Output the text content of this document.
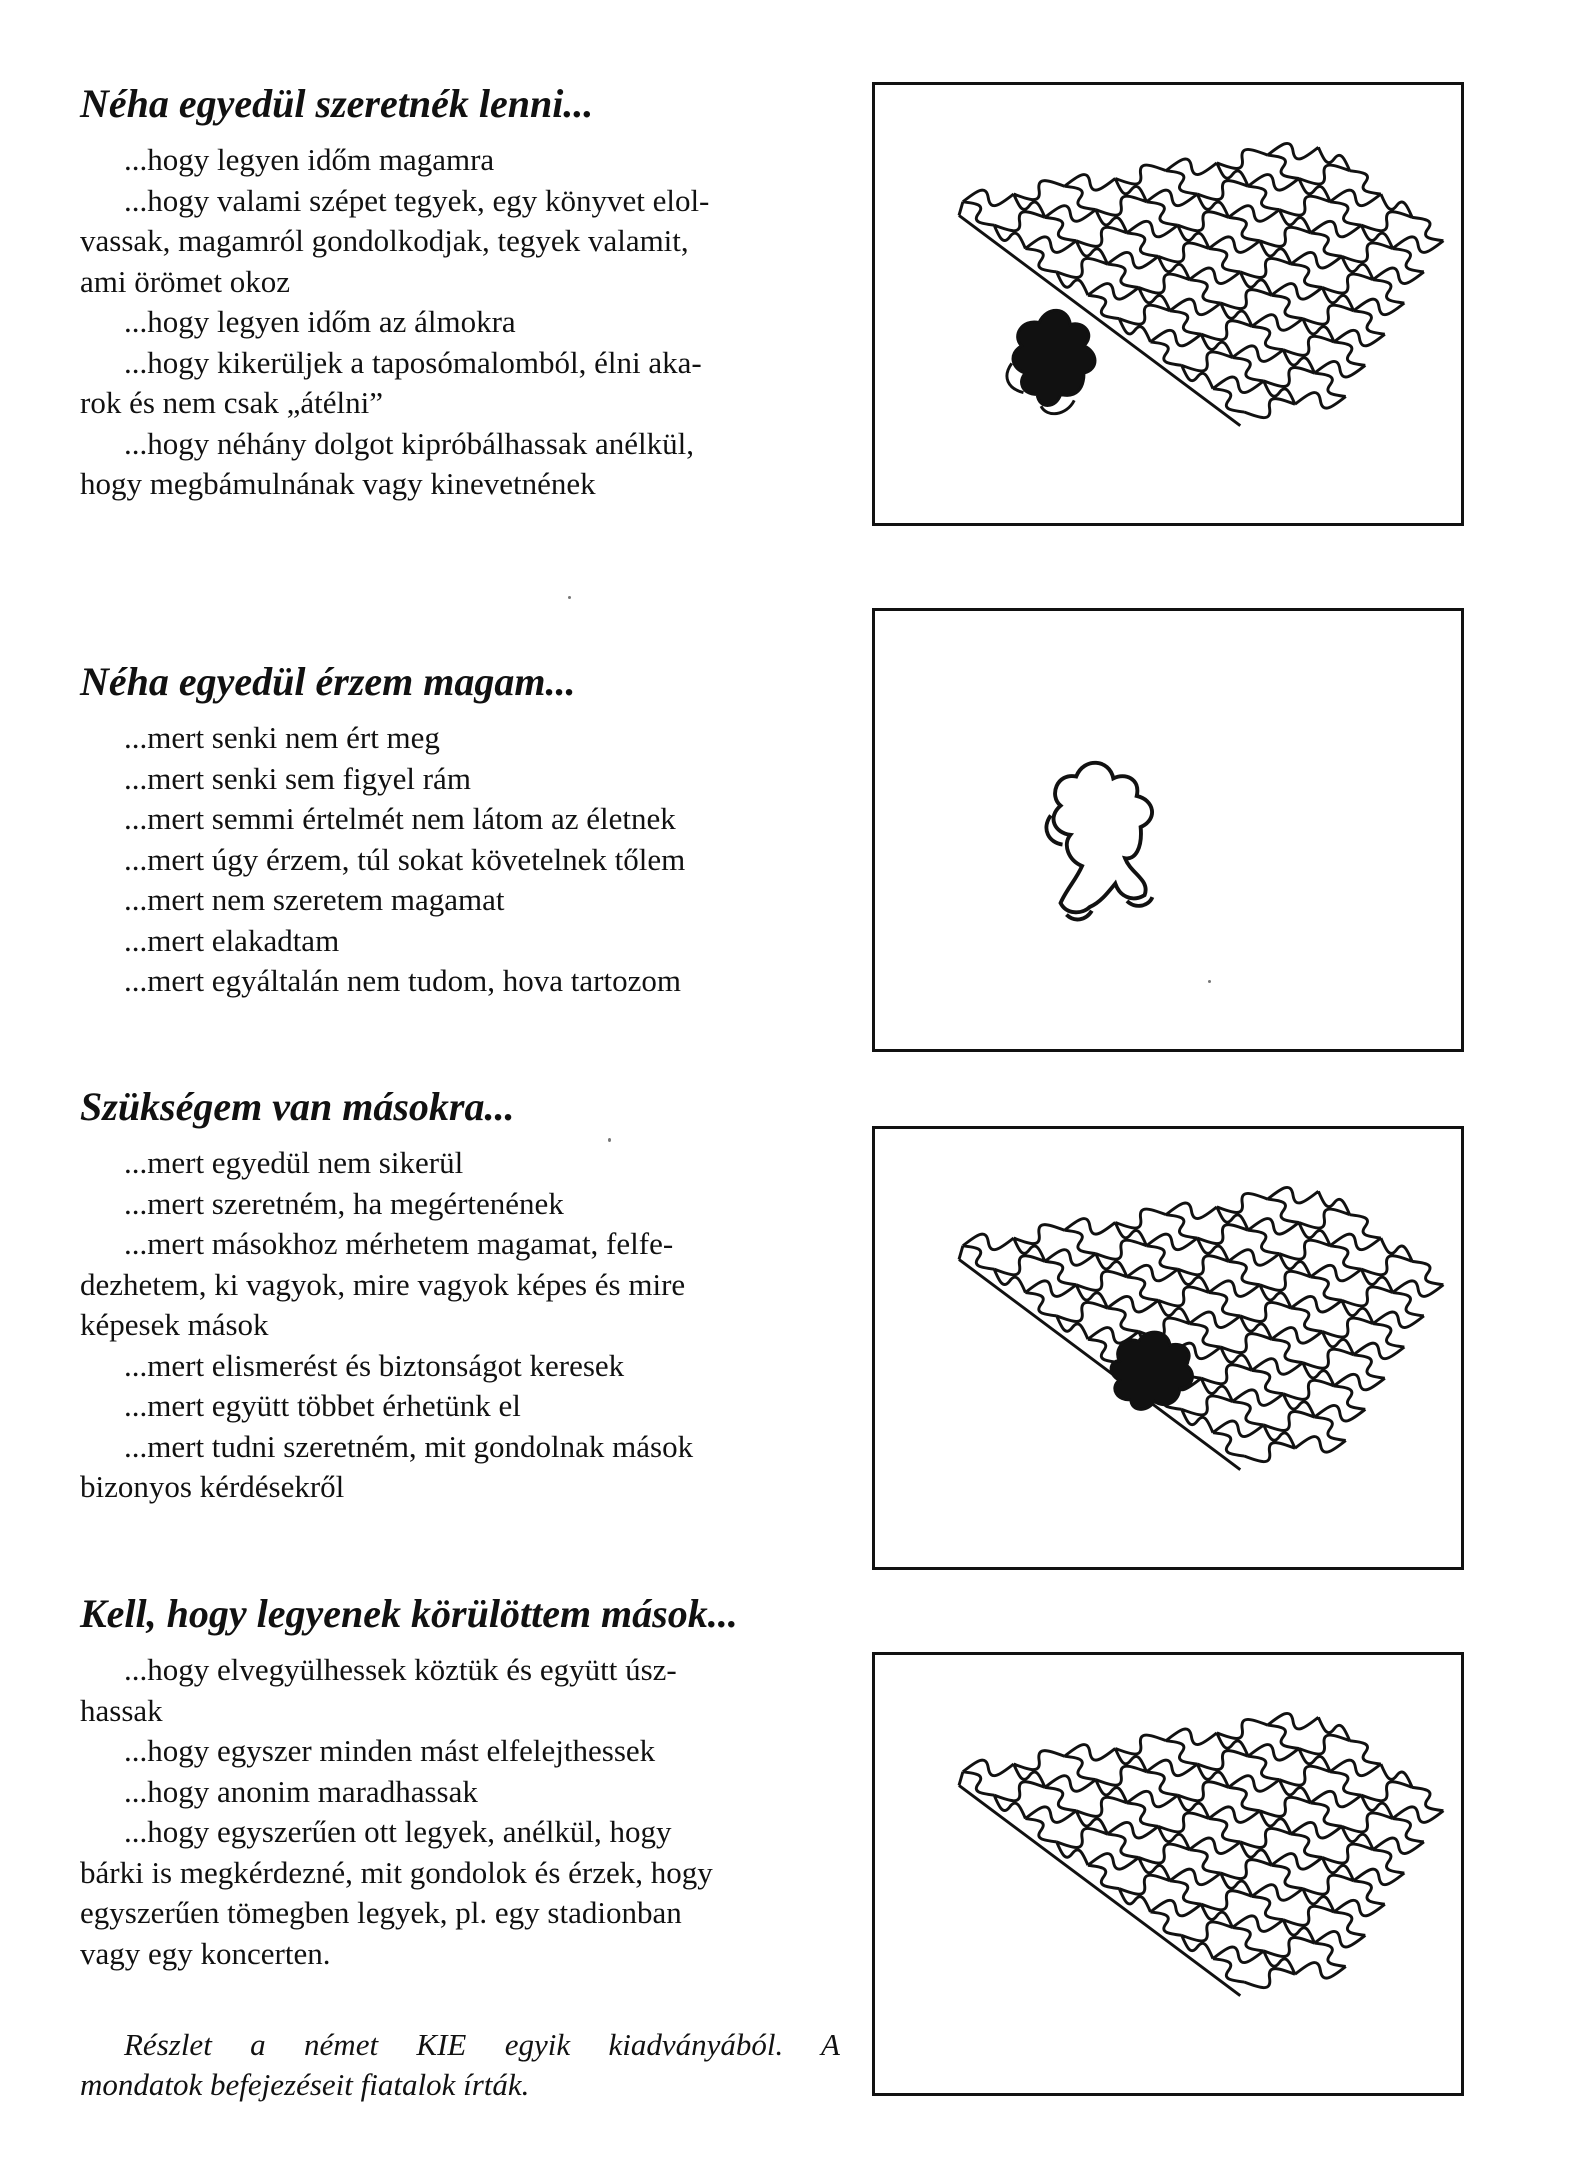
Néha egyedül szeretnék lenni...
...hogy legyen időm magamra
...hogy valami szépet tegyek, egy könyvet elol-
vassak, magamról gondolkodjak, tegyek valamit,
ami örömet okoz
...hogy legyen időm az álmokra
...hogy kikerüljek a taposómalomból, élni aka-
rok és nem csak „átélni”
...hogy néhány dolgot kipróbálhassak anélkül,
hogy megbámulnának vagy kinevetnének
Néha egyedül érzem magam...
...mert senki nem ért meg
...mert senki sem figyel rám
...mert semmi értelmét nem látom az életnek
...mert úgy érzem, túl sokat követelnek tőlem
...mert nem szeretem magamat
...mert elakadtam
...mert egyáltalán nem tudom, hova tartozom
Szükségem van másokra...
...mert egyedül nem sikerül
...mert szeretném, ha megértenének
...mert másokhoz mérhetem magamat, felfe-
dezhetem, ki vagyok, mire vagyok képes és mire
képesek mások
...mert elismerést és biztonságot keresek
...mert együtt többet érhetünk el
...mert tudni szeretném, mit gondolnak mások
bizonyos kérdésekről
Kell, hogy legyenek körülöttem mások...
...hogy elvegyülhessek köztük és együtt úsz-
hassak
...hogy egyszer minden mást elfelejthessek
...hogy anonim maradhassak
...hogy egyszerűen ott legyek, anélkül, hogy
bárki is megkérdezné, mit gondolok és érzek, hogy
egyszerűen tömegben legyek, pl. egy stadionban
vagy egy koncerten.
Részlet a német KIE egyik kiadványából. A
mondatok befejezéseit fiatalok írták.
